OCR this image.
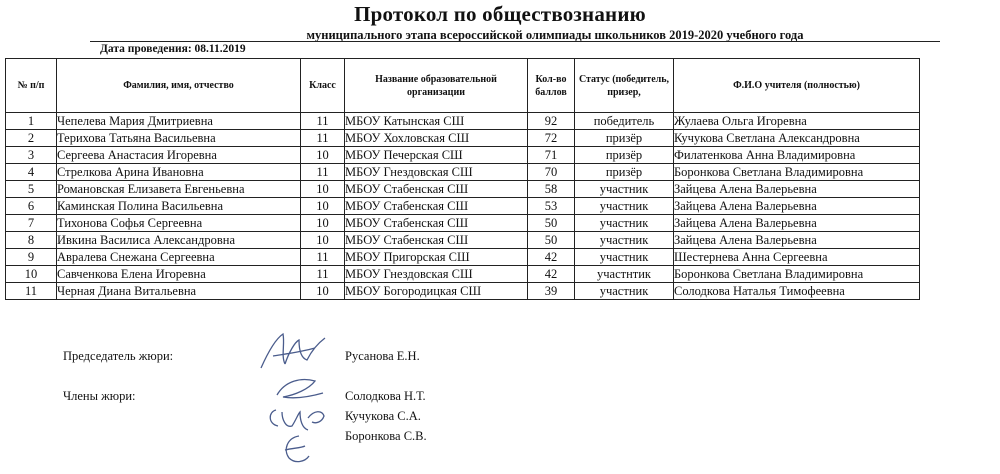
Протокол по обществознанию
муниципального этапа всероссийской олимпиады школьников 2019-2020 учебного года
Дата проведения: 08.11.2019
№ п/п	Фамилия, имя, отчество	Класс	Название образовательной организации	Кол-во баллов	Статус (победитель, призер,	Ф.И.О учителя (полностью)
1	Чепелева Мария Дмитриевна	11	МБОУ Катынская СШ	92	победитель	Жулаева Ольга Игоревна
2	Терихова Татьяна Васильевна	11	МБОУ Хохловская СШ	72	призёр	Кучукова Светлана Александровна
3	Сергеева Анастасия Игоревна	10	МБОУ Печерская СШ	71	призёр	Филатенкова Анна Владимировна
4	Стрелкова Арина Ивановна	11	МБОУ Гнездовская СШ	70	призёр	Боронкова Светлана Владимировна
5	Романовская Елизавета Евгеньевна	10	МБОУ Стабенская СШ	58	участник	Зайцева Алена Валерьевна
6	Каминская Полина Васильевна	10	МБОУ Стабенская СШ	53	участник	Зайцева Алена Валерьевна
7	Тихонова Софья Сергеевна	10	МБОУ Стабенская СШ	50	участник	Зайцева Алена Валерьевна
8	Ивкина Василиса Александровна	10	МБОУ Стабенская СШ	50	участник	Зайцева Алена Валерьевна
9	Авралева Снежана Сергеевна	11	МБОУ Пригорская СШ	42	участник	Шестернева Анна Сергеевна
10	Савченкова Елена Игоревна	11	МБОУ Гнездовская СШ	42	участнтик	Боронкова Светлана Владимировна
11	Черная Диана Витальевна	10	МБОУ Богородицкая СШ	39	участник	Солодкова Наталья Тимофеевна
Председатель жюри:	Русанова Е.Н.
Члены жюри:	Солодкова Н.Т.
Кучукова С.А.
Боронкова С.В.
